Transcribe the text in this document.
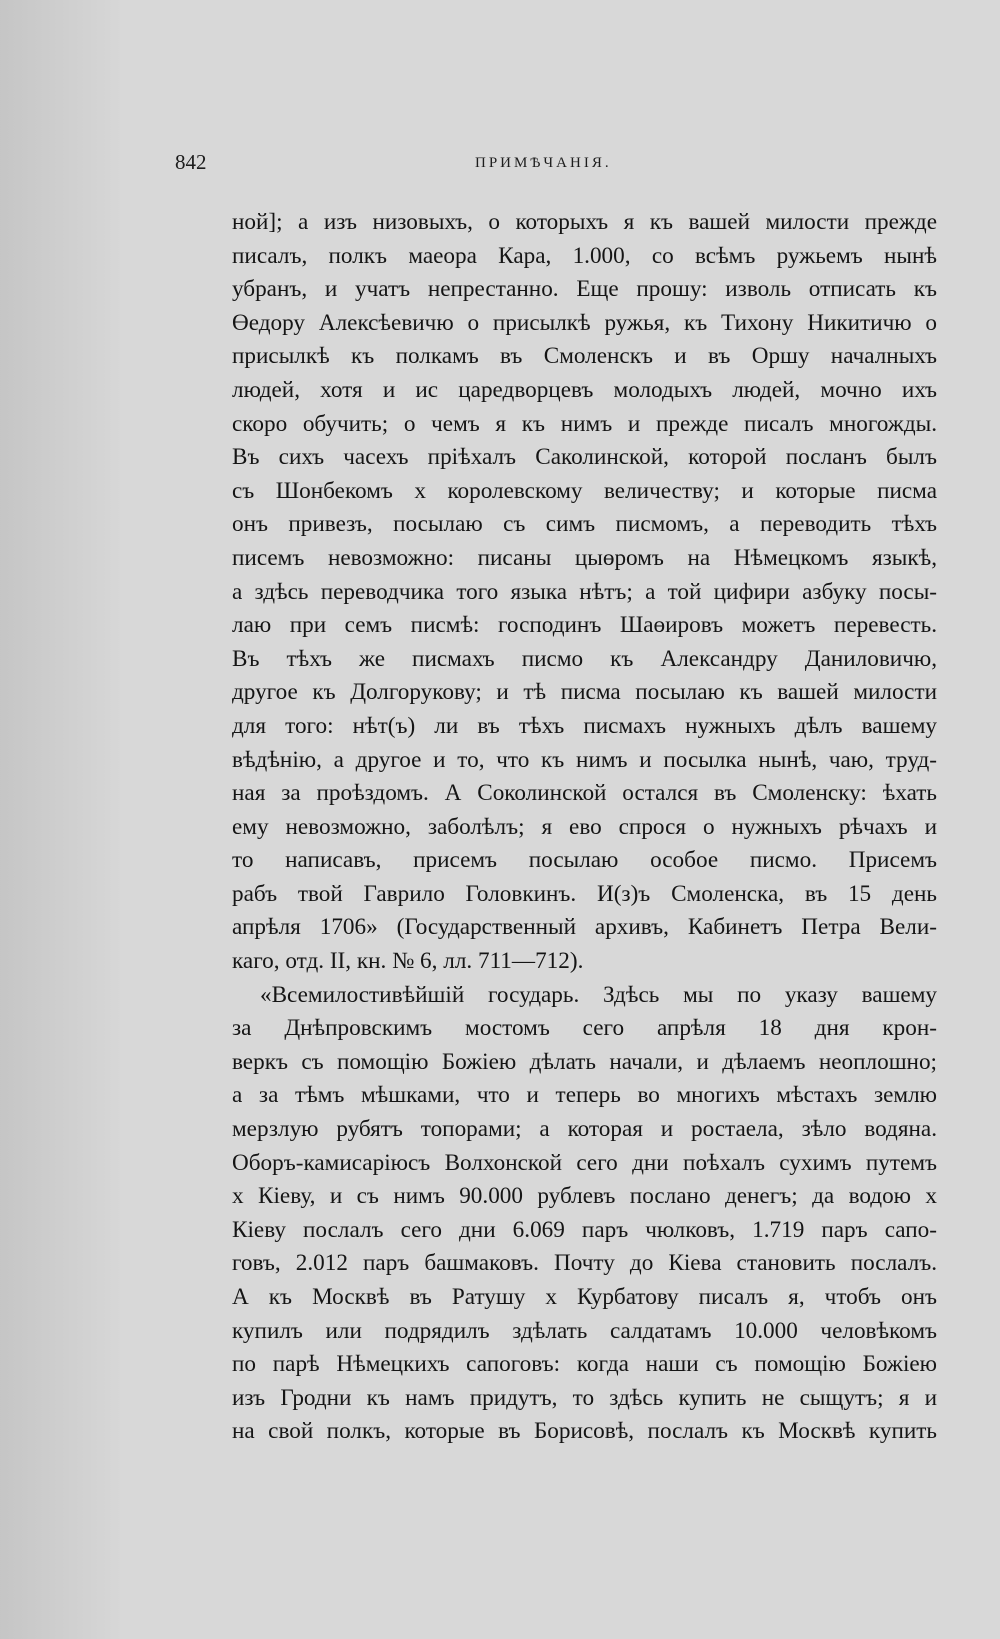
842	ПРИМѢЧАНІЯ.
ной]; а изъ низовыхъ, о которыхъ я къ вашей милости прежде
писалъ, полкъ маеора Кара, 1.000, со всѣмъ ружьемъ нынѣ
убранъ, и учатъ непрестанно. Еще прошу: изволь отписать къ
Өедору Алексѣевичю о присылкѣ ружья, къ Тихону Никитичю о
присылкѣ къ полкамъ въ Смоленскъ и въ Оршу началныхъ
людей, хотя и ис царедворцевъ молодыхъ людей, мочно ихъ
скоро обучить; о чемъ я къ нимъ и прежде писалъ многожды.
Въ сихъ часехъ пріѣхалъ Саколинской, которой посланъ былъ
съ Шонбекомъ х королевскому величеству; и которые писма
онъ привезъ, посылаю съ симъ писмомъ, а переводить тѣхъ
писемъ невозможно: писаны цыөромъ на Нѣмецкомъ языкѣ,
а здѣсь переводчика того языка нѣтъ; а той цифири азбуку посы-
лаю при семъ писмѣ: господинъ Шаөировъ можетъ перевесть.
Въ тѣхъ же писмахъ писмо къ Александру Даниловичю,
другое къ Долгорукову; и тѣ писма посылаю къ вашей милости
для того: нѣт(ъ) ли въ тѣхъ писмахъ нужныхъ дѣлъ вашему
вѣдѣнію, а другое и то, что къ нимъ и посылка нынѣ, чаю, труд-
ная за проѣздомъ. А Соколинской остался въ Смоленску: ѣхать
ему невозможно, заболѣлъ; я ево спрося о нужныхъ рѣчахъ и
то написавъ, присемъ посылаю особое писмо. Присемъ
рабъ твой Гаврило Головкинъ. И(з)ъ Смоленска, въ 15 день
апрѣля 1706» (Государственный архивъ, Кабинетъ Петра Вели-
каго, отд. II, кн. № 6, лл. 711—712).
«Всемилостивѣйшій государь. Здѣсь мы по указу вашему
за Днѣпровскимъ мостомъ сего апрѣля 18 дня крон-
веркъ съ помощію Божіею дѣлать начали, и дѣлаемъ неоплошно;
а за тѣмъ мѣшками, что и теперь во многихъ мѣстахъ землю
мерзлую рубятъ топорами; а которая и ростаела, зѣло водяна.
Оборъ-камисаріюсъ Волхонской сего дни поѣхалъ сухимъ путемъ
х Кіеву, и съ нимъ 90.000 рублевъ послано денегъ; да водою х
Кіеву послалъ сего дни 6.069 паръ чюлковъ, 1.719 паръ сапо-
говъ, 2.012 паръ башмаковъ. Почту до Кіева становить послалъ.
А къ Москвѣ въ Ратушу х Курбатову писалъ я, чтобъ онъ
купилъ или подрядилъ здѣлать салдатамъ 10.000 человѣкомъ
по парѣ Нѣмецкихъ сапоговъ: когда наши съ помощію Божіею
изъ Гродни къ намъ придутъ, то здѣсь купить не сыщутъ; я и
на свой полкъ, которые въ Борисовѣ, послалъ къ Москвѣ купить
